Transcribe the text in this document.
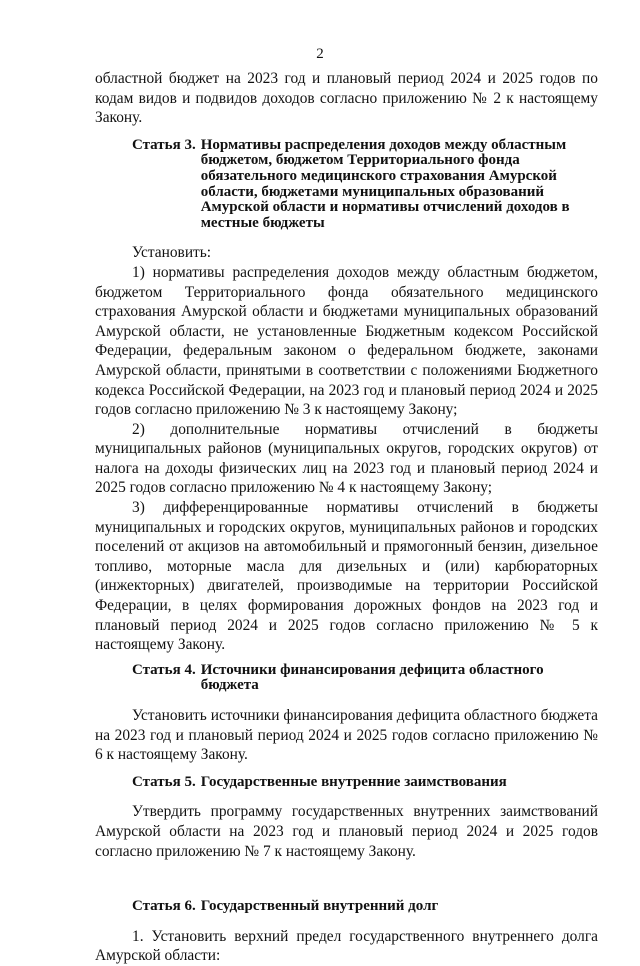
2

областной бюджет на 2023 год и плановый период 2024 и 2025 годов по кодам видов и подвидов доходов согласно приложению № 2 к настоящему Закону.

Статья 3. Нормативы распределения доходов между областным бюджетом, бюджетом Территориального фонда обязательного медицинского страхования Амурской области, бюджетами муниципальных образований Амурской области и нормативы отчислений доходов в местные бюджеты

Установить:

1) нормативы распределения доходов между областным бюджетом, бюджетом Территориального фонда обязательного медицинского страхования Амурской области и бюджетами муниципальных образований Амурской области, не установленные Бюджетным кодексом Российской Федерации, федеральным законом о федеральном бюджете, законами Амурской области, принятыми в соответствии с положениями Бюджетного кодекса Российской Федерации, на 2023 год и плановый период 2024 и 2025 годов согласно приложению № 3 к настоящему Закону;

2) дополнительные нормативы отчислений в бюджеты муниципальных районов (муниципальных округов, городских округов) от налога на доходы физических лиц на 2023 год и плановый период 2024 и 2025 годов согласно приложению № 4 к настоящему Закону;

3) дифференцированные нормативы отчислений в бюджеты муниципальных и городских округов, муниципальных районов и городских поселений от акцизов на автомобильный и прямогонный бензин, дизельное топливо, моторные масла для дизельных и (или) карбюраторных (инжекторных) двигателей, производимые на территории Российской Федерации, в целях формирования дорожных фондов на 2023 год и плановый период 2024 и 2025 годов согласно приложению № 5 к настоящему Закону.

Статья 4. Источники финансирования дефицита областного бюджета

Установить источники финансирования дефицита областного бюджета на 2023 год и плановый период 2024 и 2025 годов согласно приложению № 6 к настоящему Закону.

Статья 5. Государственные внутренние заимствования

Утвердить программу государственных внутренних заимствований Амурской области на 2023 год и плановый период 2024 и 2025 годов согласно приложению № 7 к настоящему Закону.

Статья 6. Государственный внутренний долг

1. Установить верхний предел государственного внутреннего долга Амурской области:
